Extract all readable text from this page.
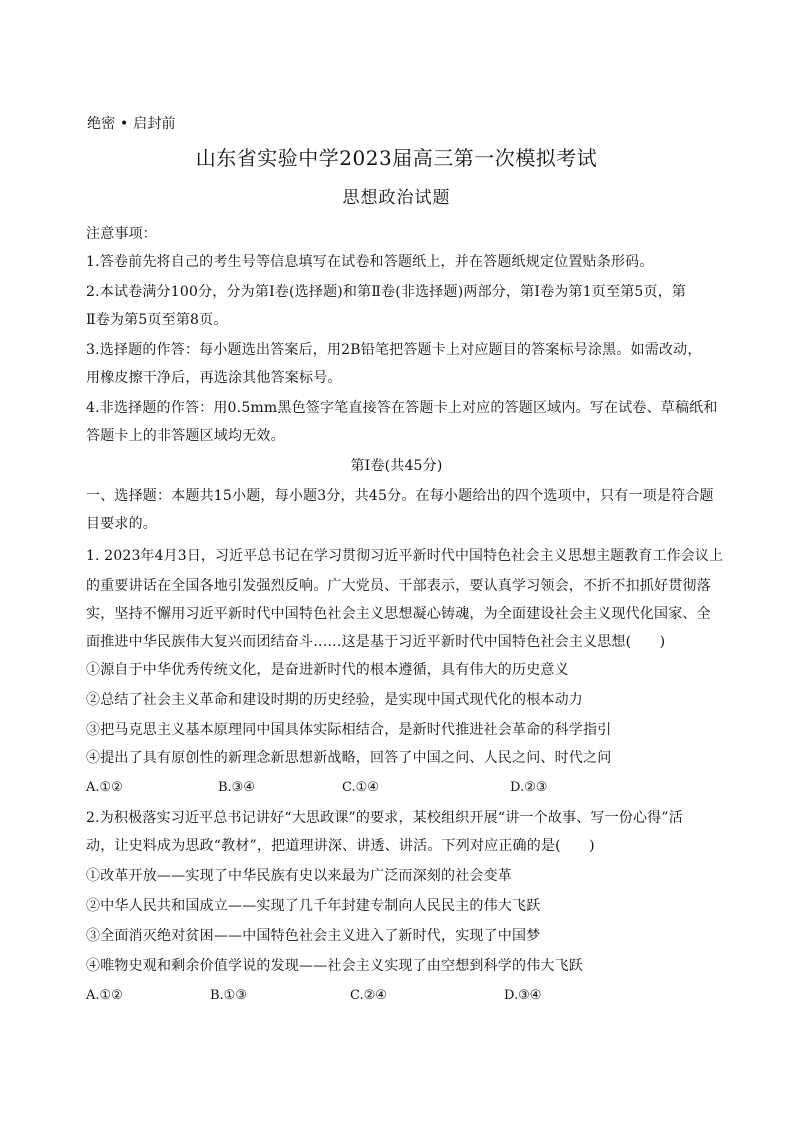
绝密 • 启封前
山东省实验中学2023届高三第一次模拟考试
思想政治试题
注意事项：
1.答卷前先将自己的考生号等信息填写在试卷和答题纸上，并在答题纸规定位置贴条形码。
2.本试卷满分100分，分为第Ⅰ卷(选择题)和第Ⅱ卷(非选择题)两部分，第Ⅰ卷为第1页至第5页，第
Ⅱ卷为第5页至第8页。
3.选择题的作答：每小题选出答案后，用2B铅笔把答题卡上对应题目的答案标号涂黑。如需改动，
用橡皮擦干净后，再选涂其他答案标号。
4.非选择题的作答：用0.5mm黑色签字笔直接答在答题卡上对应的答题区域内。写在试卷、草稿纸和
答题卡上的非答题区域均无效。
第Ⅰ卷(共45分)
一、选择题：本题共15小题，每小题3分，共45分。在每小题给出的四个选项中，只有一项是符合题
目要求的。
1. 2023年4月3日，习近平总书记在学习贯彻习近平新时代中国特色社会主义思想主题教育工作会议上
的重要讲话在全国各地引发强烈反响。广大党员、干部表示，要认真学习领会，不折不扣抓好贯彻落
实，坚持不懈用习近平新时代中国特色社会主义思想凝心铸魂，为全面建设社会主义现代化国家、全
面推进中华民族伟大复兴而团结奋斗……这是基于习近平新时代中国特色社会主义思想(　　)
①源自于中华优秀传统文化，是奋进新时代的根本遵循，具有伟大的历史意义
②总结了社会主义革命和建设时期的历史经验，是实现中国式现代化的根本动力
③把马克思主义基本原理同中国具体实际相结合，是新时代推进社会革命的科学指引
④提出了具有原创性的新理念新思想新战略，回答了中国之问、人民之问、时代之问
A.①②	B.③④	C.①④	D.②③
2.为积极落实习近平总书记讲好“大思政课”的要求，某校组织开展“讲一个故事、写一份心得”活
动，让史料成为思政“教材”，把道理讲深、讲透、讲活。下列对应正确的是(　　)
①改革开放——实现了中华民族有史以来最为广泛而深刻的社会变革
②中华人民共和国成立——实现了几千年封建专制向人民民主的伟大飞跃
③全面消灭绝对贫困——中国特色社会主义进入了新时代，实现了中国梦
④唯物史观和剩余价值学说的发现——社会主义实现了由空想到科学的伟大飞跃
A.①②	B.①③	C.②④	D.③④
